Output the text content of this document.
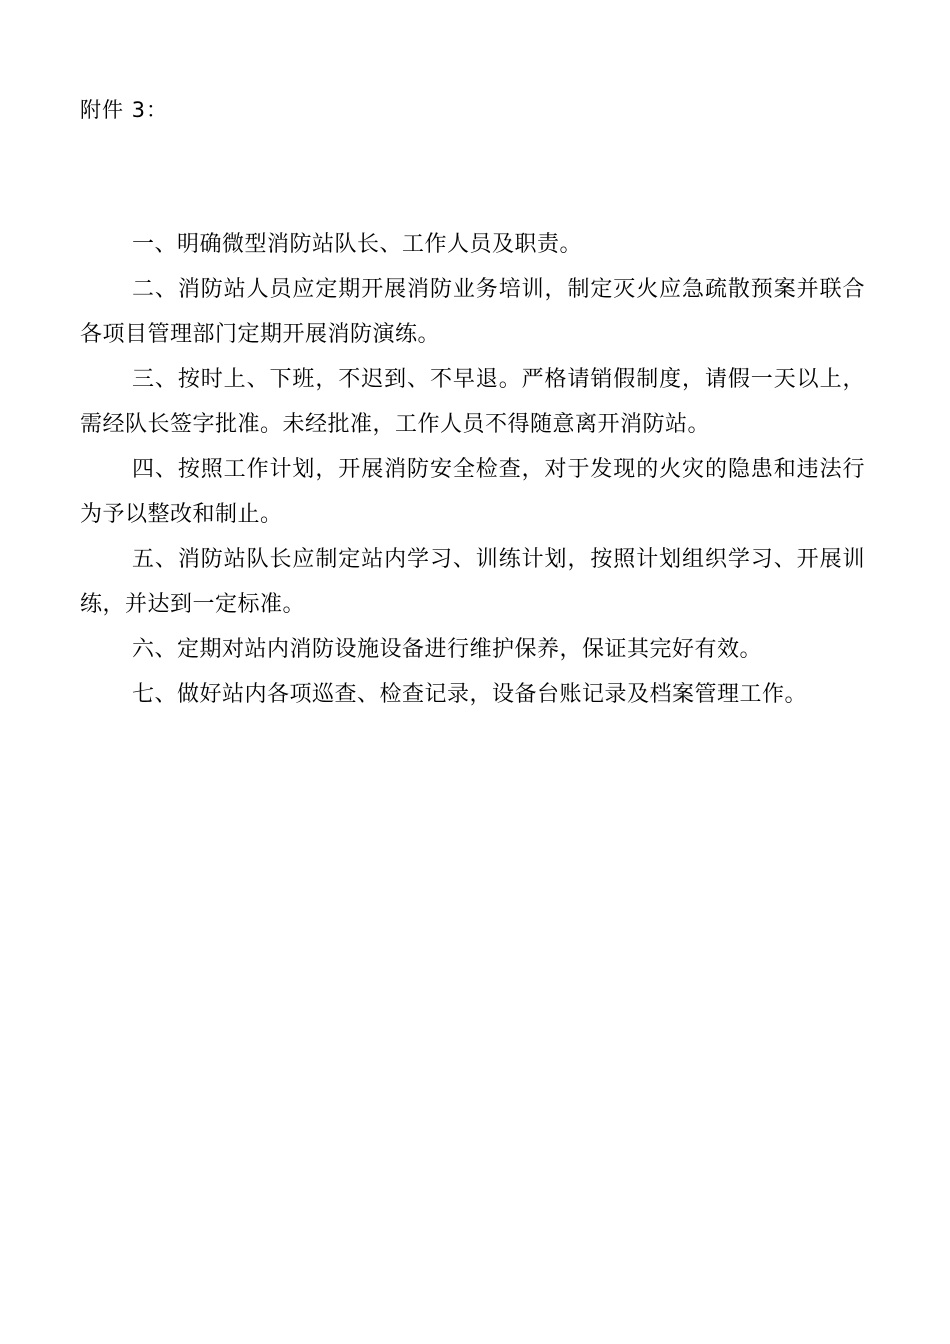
附件 3：

一、明确微型消防站队长、工作人员及职责。
二、消防站人员应定期开展消防业务培训，制定灭火应急疏散预案并联合各项目管理部门定期开展消防演练。
三、按时上、下班，不迟到、不早退。严格请销假制度，请假一天以上，需经队长签字批准。未经批准，工作人员不得随意离开消防站。
四、按照工作计划，开展消防安全检查，对于发现的火灾的隐患和违法行为予以整改和制止。
五、消防站队长应制定站内学习、训练计划，按照计划组织学习、开展训练，并达到一定标准。
六、定期对站内消防设施设备进行维护保养，保证其完好有效。
七、做好站内各项巡查、检查记录，设备台账记录及档案管理工作。
